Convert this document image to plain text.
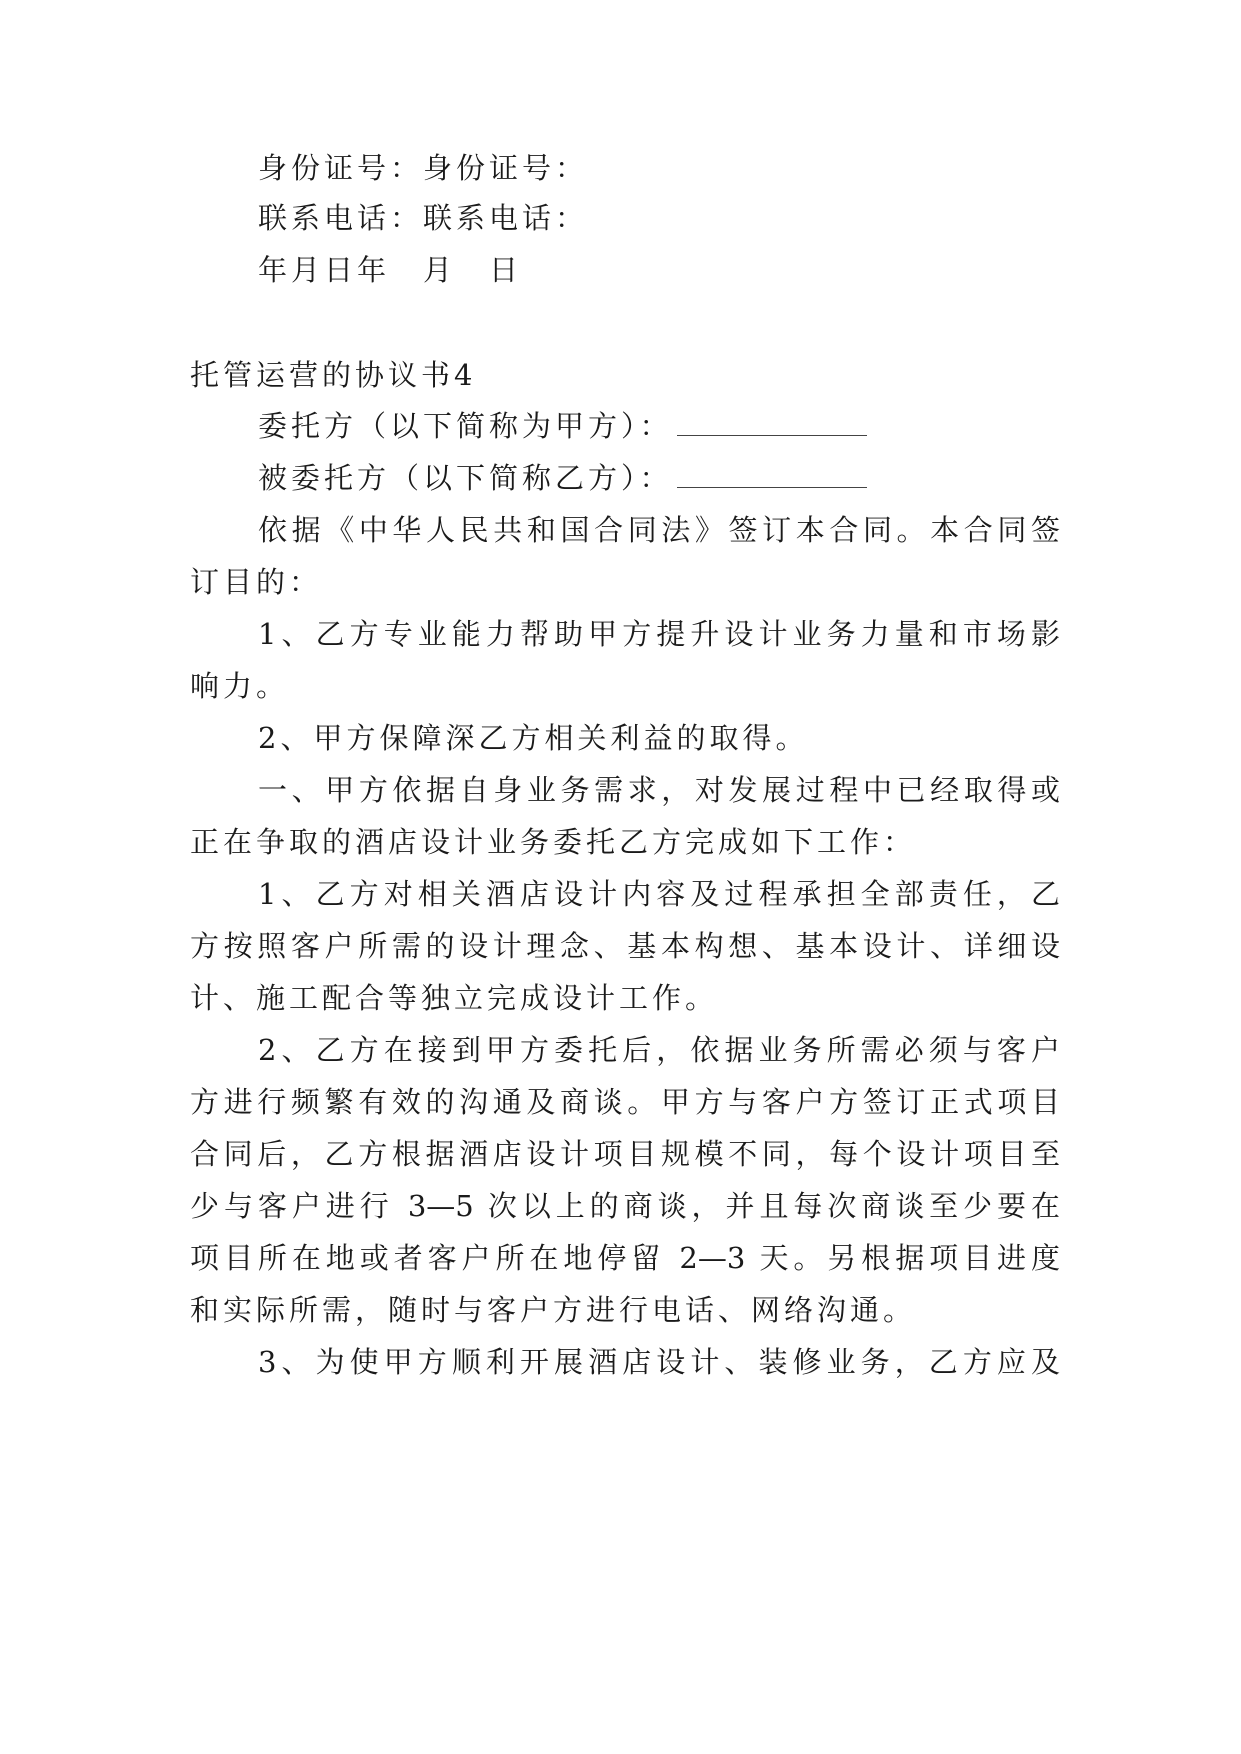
身份证号：身份证号：
联系电话：联系电话：
年月日年　月　日
托管运营的协议书4
委托方（以下简称为甲方）：
被委托方（以下简称乙方）：
依据《中华人民共和国合同法》签订本合同。本合同签
订目的：
1、乙方专业能力帮助甲方提升设计业务力量和市场影
响力。
2、甲方保障深乙方相关利益的取得。
一、甲方依据自身业务需求，对发展过程中已经取得或
正在争取的酒店设计业务委托乙方完成如下工作：
1、乙方对相关酒店设计内容及过程承担全部责任，乙
方按照客户所需的设计理念、基本构想、基本设计、详细设
计、施工配合等独立完成设计工作。
2、乙方在接到甲方委托后，依据业务所需必须与客户
方进行频繁有效的沟通及商谈。甲方与客户方签订正式项目
合同后，乙方根据酒店设计项目规模不同，每个设计项目至
少与客户进行 3—5 次以上的商谈，并且每次商谈至少要在
项目所在地或者客户所在地停留 2—3 天。另根据项目进度
和实际所需，随时与客户方进行电话、网络沟通。
3、为使甲方顺利开展酒店设计、装修业务，乙方应及
